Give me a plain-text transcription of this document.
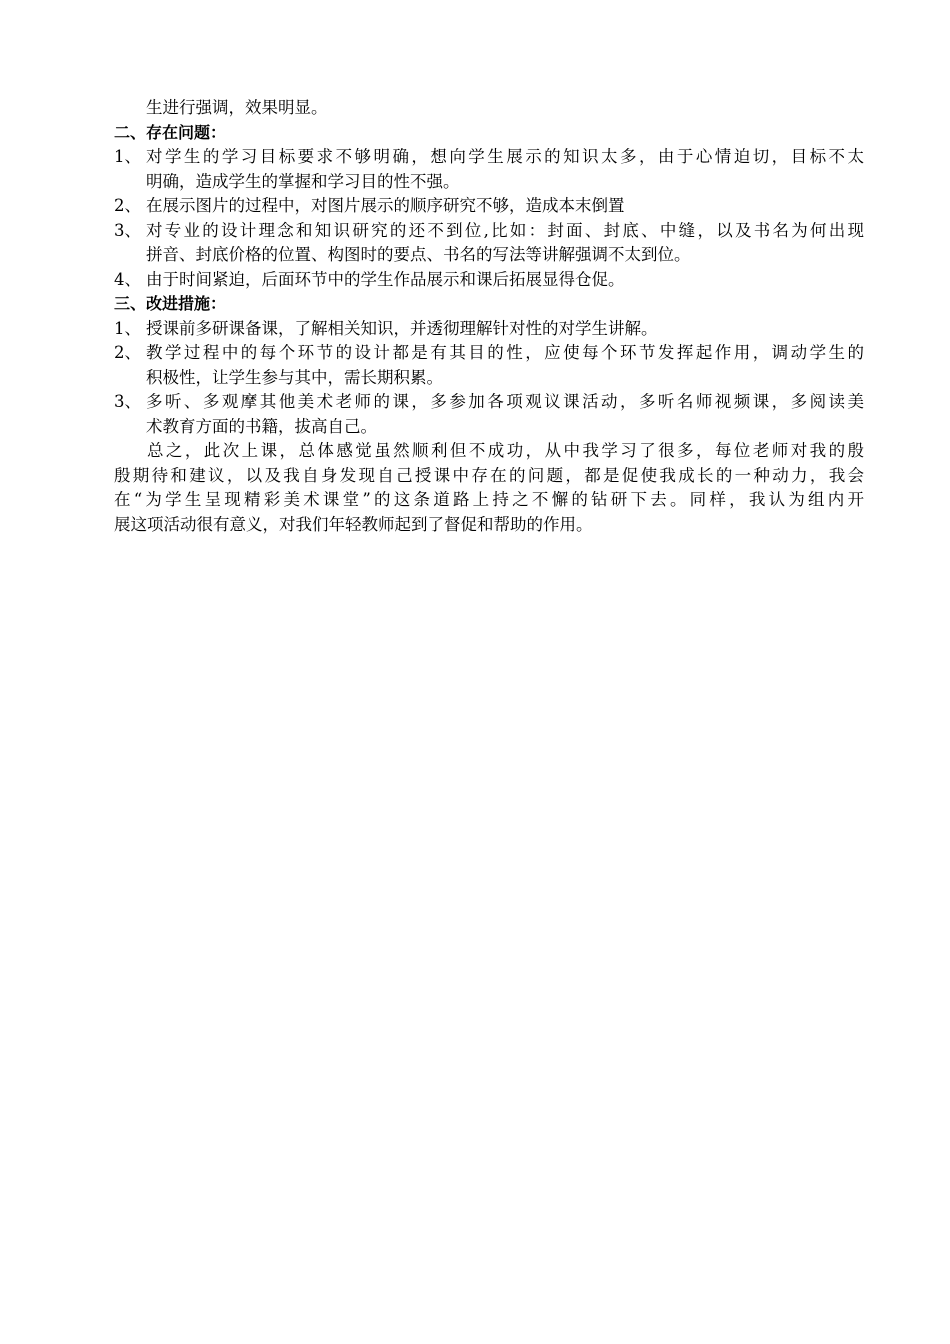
生进行强调，效果明显。
二、存在问题：
1、 对学生的学习目标要求不够明确，想向学生展示的知识太多，由于心情迫切，目标不太
明确，造成学生的掌握和学习目的性不强。
2、 在展示图片的过程中，对图片展示的顺序研究不够，造成本末倒置
3、 对专业的设计理念和知识研究的还不到位,比如：封面、封底、中缝，以及书名为何出现
拼音、封底价格的位置、构图时的要点、书名的写法等讲解强调不太到位。
4、 由于时间紧迫，后面环节中的学生作品展示和课后拓展显得仓促。
三、改进措施：
1、 授课前多研课备课，了解相关知识，并透彻理解针对性的对学生讲解。
2、 教学过程中的每个环节的设计都是有其目的性，应使每个环节发挥起作用，调动学生的
积极性，让学生参与其中，需长期积累。
3、 多听、多观摩其他美术老师的课，多参加各项观议课活动，多听名师视频课，多阅读美
术教育方面的书籍，拔高自己。
总之，此次上课，总体感觉虽然顺利但不成功，从中我学习了很多，每位老师对我的殷
殷期待和建议，以及我自身发现自己授课中存在的问题，都是促使我成长的一种动力，我会
在“为学生呈现精彩美术课堂”的这条道路上持之不懈的钻研下去。同样，我认为组内开
展这项活动很有意义，对我们年轻教师起到了督促和帮助的作用。
